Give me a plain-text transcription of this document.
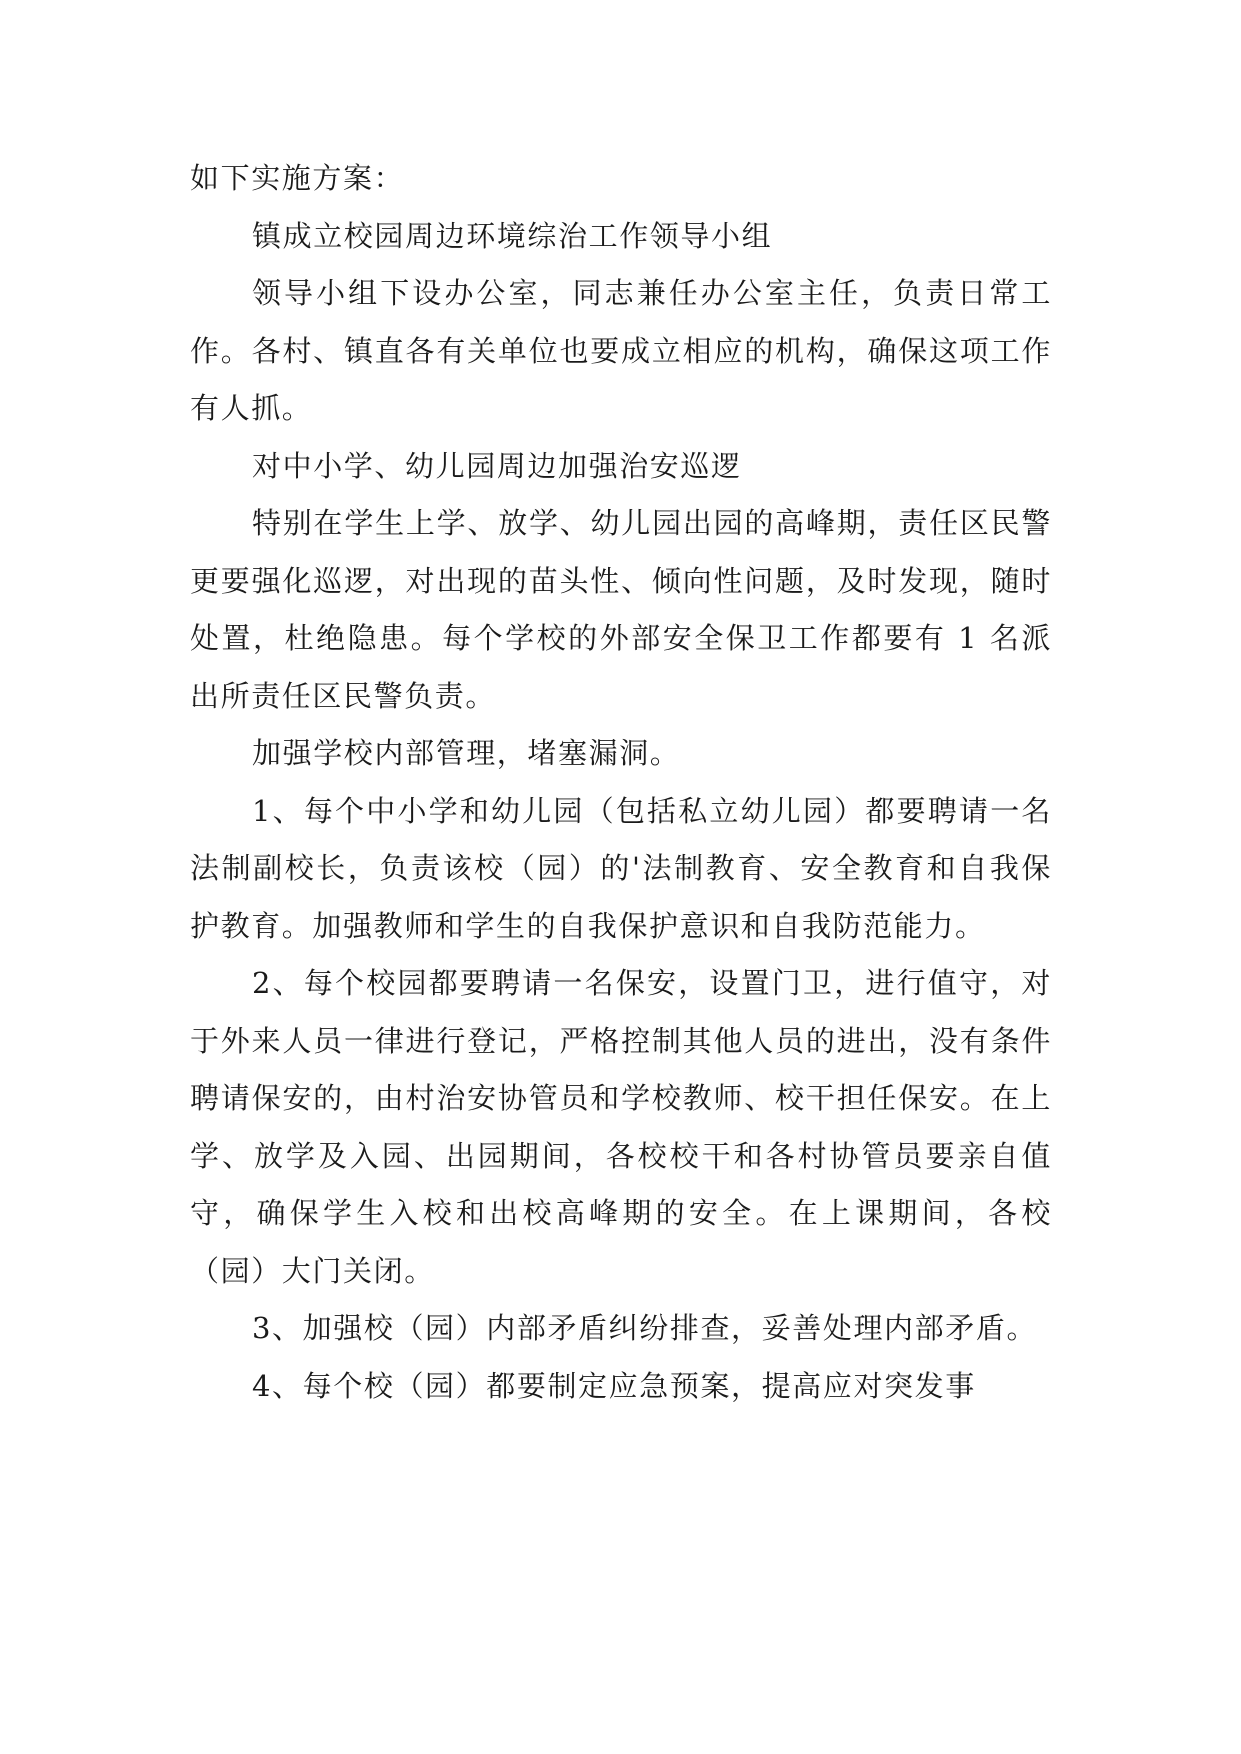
如下实施方案：

镇成立校园周边环境综治工作领导小组

领导小组下设办公室，同志兼任办公室主任，负责日常工作。各村、镇直各有关单位也要成立相应的机构，确保这项工作有人抓。

对中小学、幼儿园周边加强治安巡逻

特别在学生上学、放学、幼儿园出园的高峰期，责任区民警更要强化巡逻，对出现的苗头性、倾向性问题，及时发现，随时处置，杜绝隐患。每个学校的外部安全保卫工作都要有 1 名派出所责任区民警负责。

加强学校内部管理，堵塞漏洞。

1、每个中小学和幼儿园（包括私立幼儿园）都要聘请一名法制副校长，负责该校（园）的'法制教育、安全教育和自我保护教育。加强教师和学生的自我保护意识和自我防范能力。

2、每个校园都要聘请一名保安，设置门卫，进行值守，对于外来人员一律进行登记，严格控制其他人员的进出，没有条件聘请保安的，由村治安协管员和学校教师、校干担任保安。在上学、放学及入园、出园期间，各校校干和各村协管员要亲自值守，确保学生入校和出校高峰期的安全。在上课期间，各校（园）大门关闭。

3、加强校（园）内部矛盾纠纷排查，妥善处理内部矛盾。

4、每个校（园）都要制定应急预案，提高应对突发事
